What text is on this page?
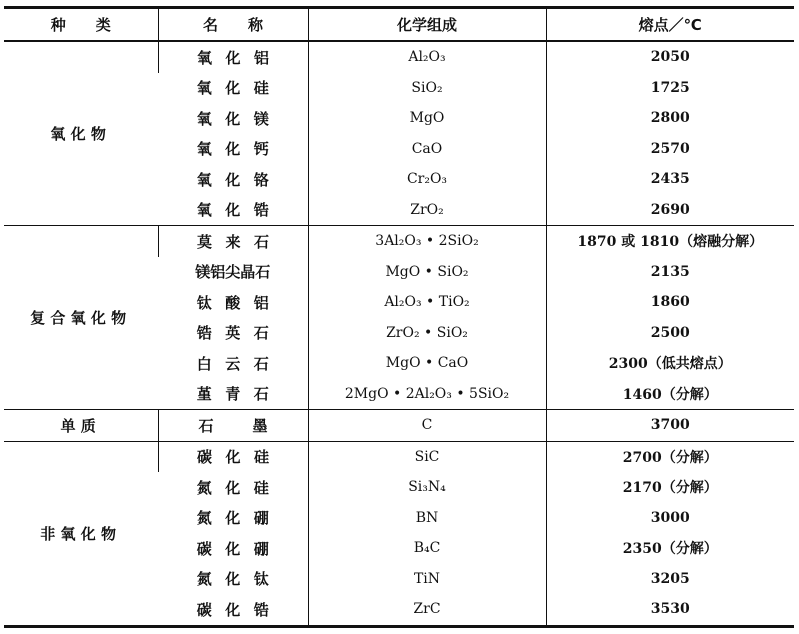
种　　类	名　　称	化学组成	熔点／℃
氧化物	氧化铝	Al₂O₃	2050
	氧化硅	SiO₂	1725
	氧化镁	MgO	2800
	氧化钙	CaO	2570
	氧化铬	Cr₂O₃	2435
	氧化锆	ZrO₂	2690
复合氧化物	莫来石	3Al₂O₃ • 2SiO₂	1870 或 1810（熔融分解）
	镁铝尖晶石	MgO • SiO₂	2135
	钛酸铝	Al₂O₃ • TiO₂	1860
	锆英石	ZrO₂ • SiO₂	2500
	白云石	MgO • CaO	2300（低共熔点）
	堇青石	2MgO • 2Al₂O₃ • 5SiO₂	1460（分解）
单质	石墨	C	3700
非氧化物	碳化硅	SiC	2700（分解）
	氮化硅	Si₃N₄	2170（分解）
	氮化硼	BN	3000
	碳化硼	B₄C	2350（分解）
	氮化钛	TiN	3205
	碳化锆	ZrC	3530
